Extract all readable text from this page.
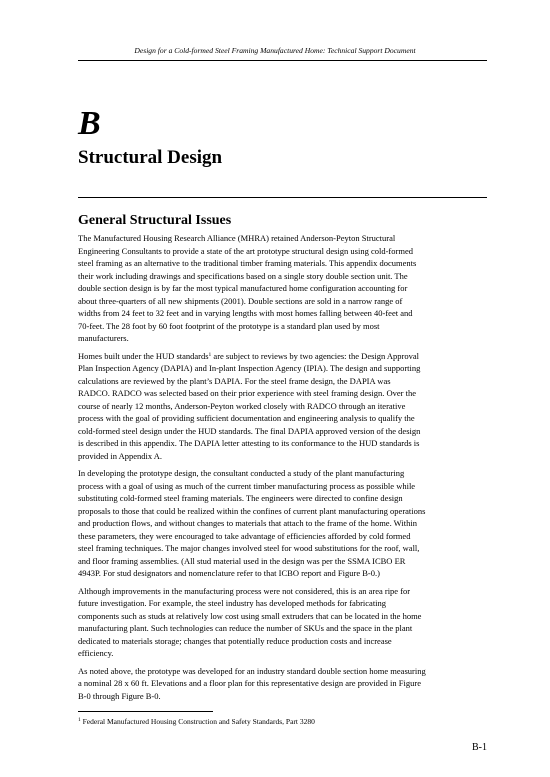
Design for a Cold-formed Steel Framing Manufactured Home: Technical Support Document
B
Structural Design
General Structural Issues

The Manufactured Housing Research Alliance (MHRA) retained Anderson-Peyton Structural
Engineering Consultants to provide a state of the art prototype structural design using cold-formed
steel framing as an alternative to the traditional timber framing materials. This appendix documents
their work including drawings and specifications based on a single story double section unit. The
double section design is by far the most typical manufactured home configuration accounting for
about three-quarters of all new shipments (2001). Double sections are sold in a narrow range of
widths from 24 feet to 32 feet and in varying lengths with most homes falling between 40-feet and
70-feet. The 28 foot by 60 foot footprint of the prototype is a standard plan used by most
manufacturers.

Homes built under the HUD standards$^1$ are subject to reviews by two agencies: the Design Approval
Plan Inspection Agency (DAPIA) and In-plant Inspection Agency (IPIA). The design and supporting
calculations are reviewed by the plant’s DAPIA. For the steel frame design, the DAPIA was
RADCO. RADCO was selected based on their prior experience with steel framing design. Over the
course of nearly 12 months, Anderson-Peyton worked closely with RADCO through an iterative
process with the goal of providing sufficient documentation and engineering analysis to qualify the
cold-formed steel design under the HUD standards. The final DAPIA approved version of the design
is described in this appendix. The DAPIA letter attesting to its conformance to the HUD standards is
provided in Appendix A.

In developing the prototype design, the consultant conducted a study of the plant manufacturing
process with a goal of using as much of the current timber manufacturing process as possible while
substituting cold-formed steel framing materials. The engineers were directed to confine design
proposals to those that could be realized within the confines of current plant manufacturing operations
and production flows, and without changes to materials that attach to the frame of the home. Within
these parameters, they were encouraged to take advantage of efficiencies afforded by cold formed
steel framing techniques. The major changes involved steel for wood substitutions for the roof, wall,
and floor framing assemblies. (All stud material used in the design was per the SSMA ICBO ER
4943P. For stud designators and nomenclature refer to that ICBO report and Figure B-0.)

Although improvements in the manufacturing process were not considered, this is an area ripe for
future investigation. For example, the steel industry has developed methods for fabricating
components such as studs at relatively low cost using small extruders that can be located in the home
manufacturing plant. Such technologies can reduce the number of SKUs and the space in the plant
dedicated to materials storage; changes that potentially reduce production costs and increase
efficiency.

As noted above, the prototype was developed for an industry standard double section home measuring
a nominal 28 x 60 ft. Elevations and a floor plan for this representative design are provided in Figure
B-0 through Figure B-0.

$^1$ Federal Manufactured Housing Construction and Safety Standards, Part 3280
B-1
